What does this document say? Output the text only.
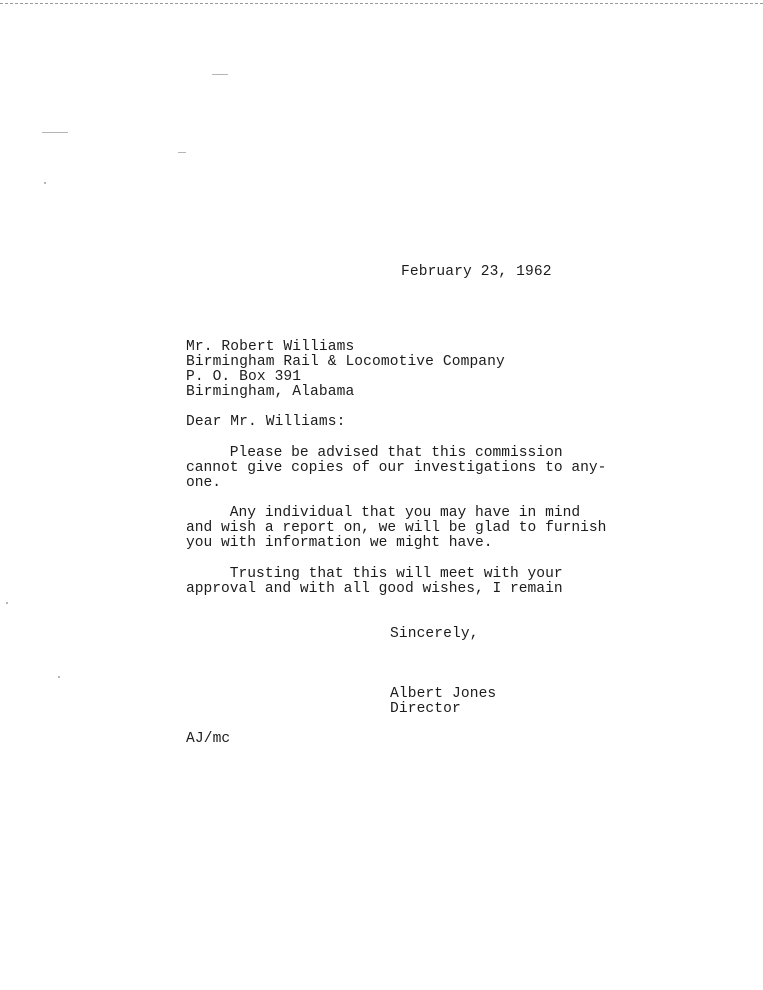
February 23, 1962
Mr. Robert Williams
Birmingham Rail & Locomotive Company
P. O. Box 391
Birmingham, Alabama
Dear Mr. Williams:
Please be advised that this commission
cannot give copies of our investigations to any-
one.
Any individual that you may have in mind
and wish a report on, we will be glad to furnish
you with information we might have.
Trusting that this will meet with your
approval and with all good wishes, I remain
Sincerely,
Albert Jones
Director
AJ/mc
